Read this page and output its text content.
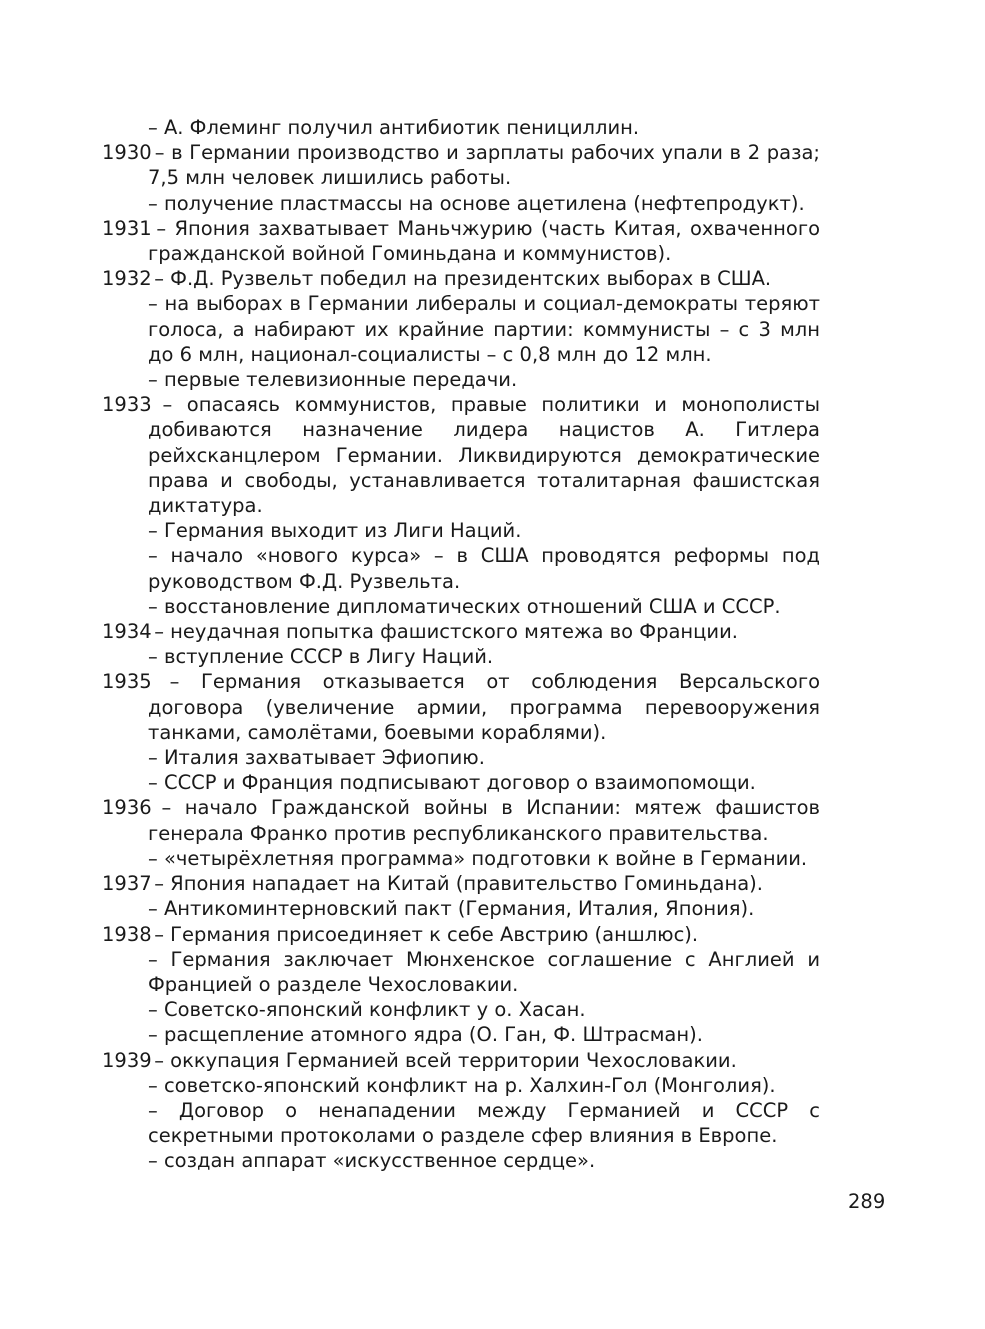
– А. Флеминг получил антибиотик пенициллин.

1930 – в Германии производство и зарплаты рабочих упали в 2 раза; 7,5 млн человек лишились работы.

– получение пластмассы на основе ацетилена (нефтепродукт).

1931 – Япония захватывает Маньчжурию (часть Китая, охваченного гражданской войной Гоминьдана и коммунистов).

1932 – Ф.Д. Рузвельт победил на президентских выборах в США.

– на выборах в Германии либералы и социал-демократы теряют голоса, а набирают их крайние партии: коммунисты – с 3 млн до 6 млн, национал-социалисты – с 0,8 млн до 12 млн.

– первые телевизионные передачи.

1933 – опасаясь коммунистов, правые политики и монополисты добиваются назначение лидера нацистов А. Гитлера рейхсканцлером Германии. Ликвидируются демократические права и свободы, устанавливается тоталитарная фашистская диктатура.

– Германия выходит из Лиги Наций.

– начало «нового курса» – в США проводятся реформы под руководством Ф.Д. Рузвельта.

– восстановление дипломатических отношений США и СССР.

1934 – неудачная попытка фашистского мятежа во Франции.

– вступление СССР в Лигу Наций.

1935 – Германия отказывается от соблюдения Версальского договора (увеличение армии, программа перевооружения танками, самолётами, боевыми кораблями).

– Италия захватывает Эфиопию.

– СССР и Франция подписывают договор о взаимопомощи.

1936 – начало Гражданской войны в Испании: мятеж фашистов генерала Франко против республиканского правительства.

– «четырёхлетняя программа» подготовки к войне в Германии.

1937 – Япония нападает на Китай (правительство Гоминьдана).

– Антикоминтерновский пакт (Германия, Италия, Япония).

1938 – Германия присоединяет к себе Австрию (аншлюс).

– Германия заключает Мюнхенское соглашение с Англией и Францией о разделе Чехословакии.

– Советско-японский конфликт у о. Хасан.

– расщепление атомного ядра (О. Ган, Ф. Штрасман).

1939 – оккупация Германией всей территории Чехословакии.

– советско-японский конфликт на р. Халхин-Гол (Монголия).

– Договор о ненападении между Германией и СССР с секретными протоколами о разделе сфер влияния в Европе.

– создан аппарат «искусственное сердце».

289
